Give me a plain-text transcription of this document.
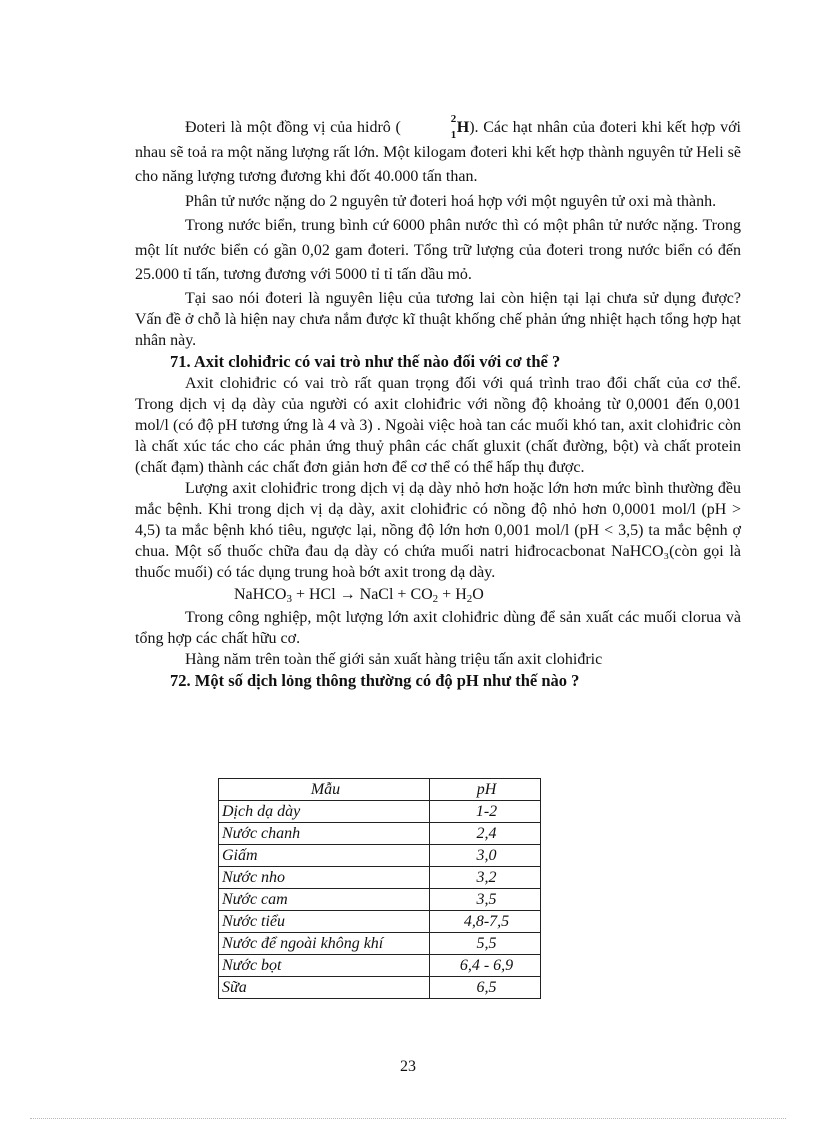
Đoteri là một đồng vị của hidrô (	2
1 H). Các hạt nhân của đoteri khi kết hợp với nhau sẽ toả ra một năng lượng rất lớn. Một kilogam đoteri khi kết hợp thành nguyên tử Heli sẽ cho năng lượng tương đương khi đốt 40.000 tấn than.

Phân tử nước nặng do 2 nguyên tử đoteri hoá hợp với một nguyên tử oxi mà thành.

Trong nước biển, trung bình cứ 6000 phân nước thì có một phân tử nước nặng. Trong một lít nước biển có gần 0,02 gam đoteri. Tổng trữ lượng của đoteri trong nước biển có đến 25.000 tỉ tấn, tương đương với 5000 tỉ tỉ tấn dầu mỏ.

Tại sao nói đoteri là nguyên liệu của tương lai còn hiện tại lại chưa sử dụng được? Vấn đề ở chỗ là hiện nay chưa nắm được kĩ thuật khống chế phản ứng nhiệt hạch tổng hợp hạt nhân này.

71. Axit clohiđric có vai trò như thế nào đối với cơ thể ?

Axit clohiđric có vai trò rất quan trọng đối với quá trình trao đổi chất của cơ thể. Trong dịch vị dạ dày của người có axit clohiđric với nồng độ khoảng từ 0,0001 đến 0,001 mol/l (có độ pH tương ứng là 4 và 3) . Ngoài việc hoà tan các muối khó tan, axit clohiđric còn là chất xúc tác cho các phản ứng thuỷ phân các chất gluxit (chất đường, bột) và chất protein (chất đạm) thành các chất đơn giản hơn để cơ thể có thể hấp thụ được.

Lượng axit clohiđric trong dịch vị dạ dày nhỏ hơn hoặc lớn hơn mức bình thường đều mắc bệnh. Khi trong dịch vị dạ dày, axit clohiđric có nồng độ nhỏ hơn 0,0001 mol/l (pH > 4,5) ta mắc bệnh khó tiêu, ngược lại, nồng độ lớn hơn 0,001 mol/l (pH < 3,5) ta mắc bệnh ợ chua. Một số thuốc chữa đau dạ dày có chứa muối natri hiđrocacbonat NaHCO₃(còn gọi là thuốc muối) có tác dụng trung hoà bớt axit trong dạ dày.

NaHCO$_3$ + HCl → NaCl + $CO_2 + H_2O$

Trong công nghiệp, một lượng lớn axit clohiđric dùng để sản xuất các muối clorua và tổng hợp các chất hữu cơ.

Hàng năm trên toàn thế giới sản xuất hàng triệu tấn axit clohiđric

72. Một số dịch lỏng thông thường có độ pH như thế nào ?

Mẫu	pH
Dịch dạ dày	1-2
Nước chanh	2,4
Giấm	3,0
Nước nho	3,2
Nước cam	3,5
Nước tiểu	4,8-7,5
Nước để ngoài không khí	5,5
Nước bọt	6,4 - 6,9
Sữa	6,5
23
